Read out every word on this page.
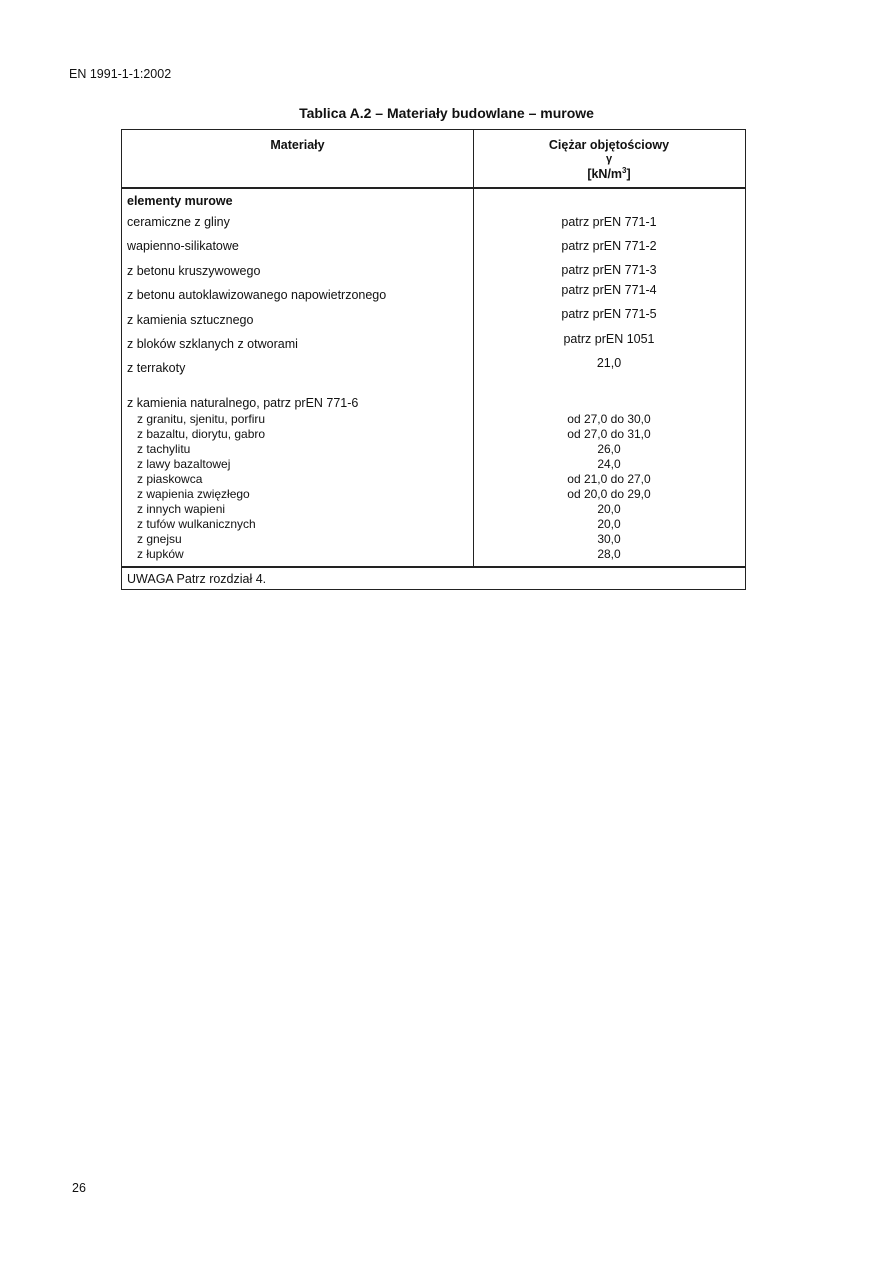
EN 1991-1-1:2002
Tablica A.2 – Materiały budowlane – murowe
Materiały	Ciężar objętościowy
γ
$[kN/m^3]$
elementy murowe
ceramiczne z gliny	patrz prEN 771-1
wapienno-silikatowe	patrz prEN 771-2
z betonu kruszywowego	patrz prEN 771-3
z betonu autoklawizowanego napowietrzonego	patrz prEN 771-4
z kamienia sztucznego	patrz prEN 771-5
z bloków szklanych z otworami	patrz prEN 1051
z terrakoty	21,0
z kamienia naturalnego, patrz prEN 771-6
z granitu, sjenitu, porfiru	od 27,0 do 30,0
z bazaltu, diorytu, gabro	od 27,0 do 31,0
z tachylitu	26,0
z lawy bazaltowej	24,0
z piaskowca	od 21,0 do 27,0
z wapienia zwięzłego	od 20,0 do 29,0
z innych wapieni	20,0
z tufów wulkanicznych	20,0
z gnejsu	30,0
z łupków	28,0
UWAGA Patrz rozdział 4.
26
